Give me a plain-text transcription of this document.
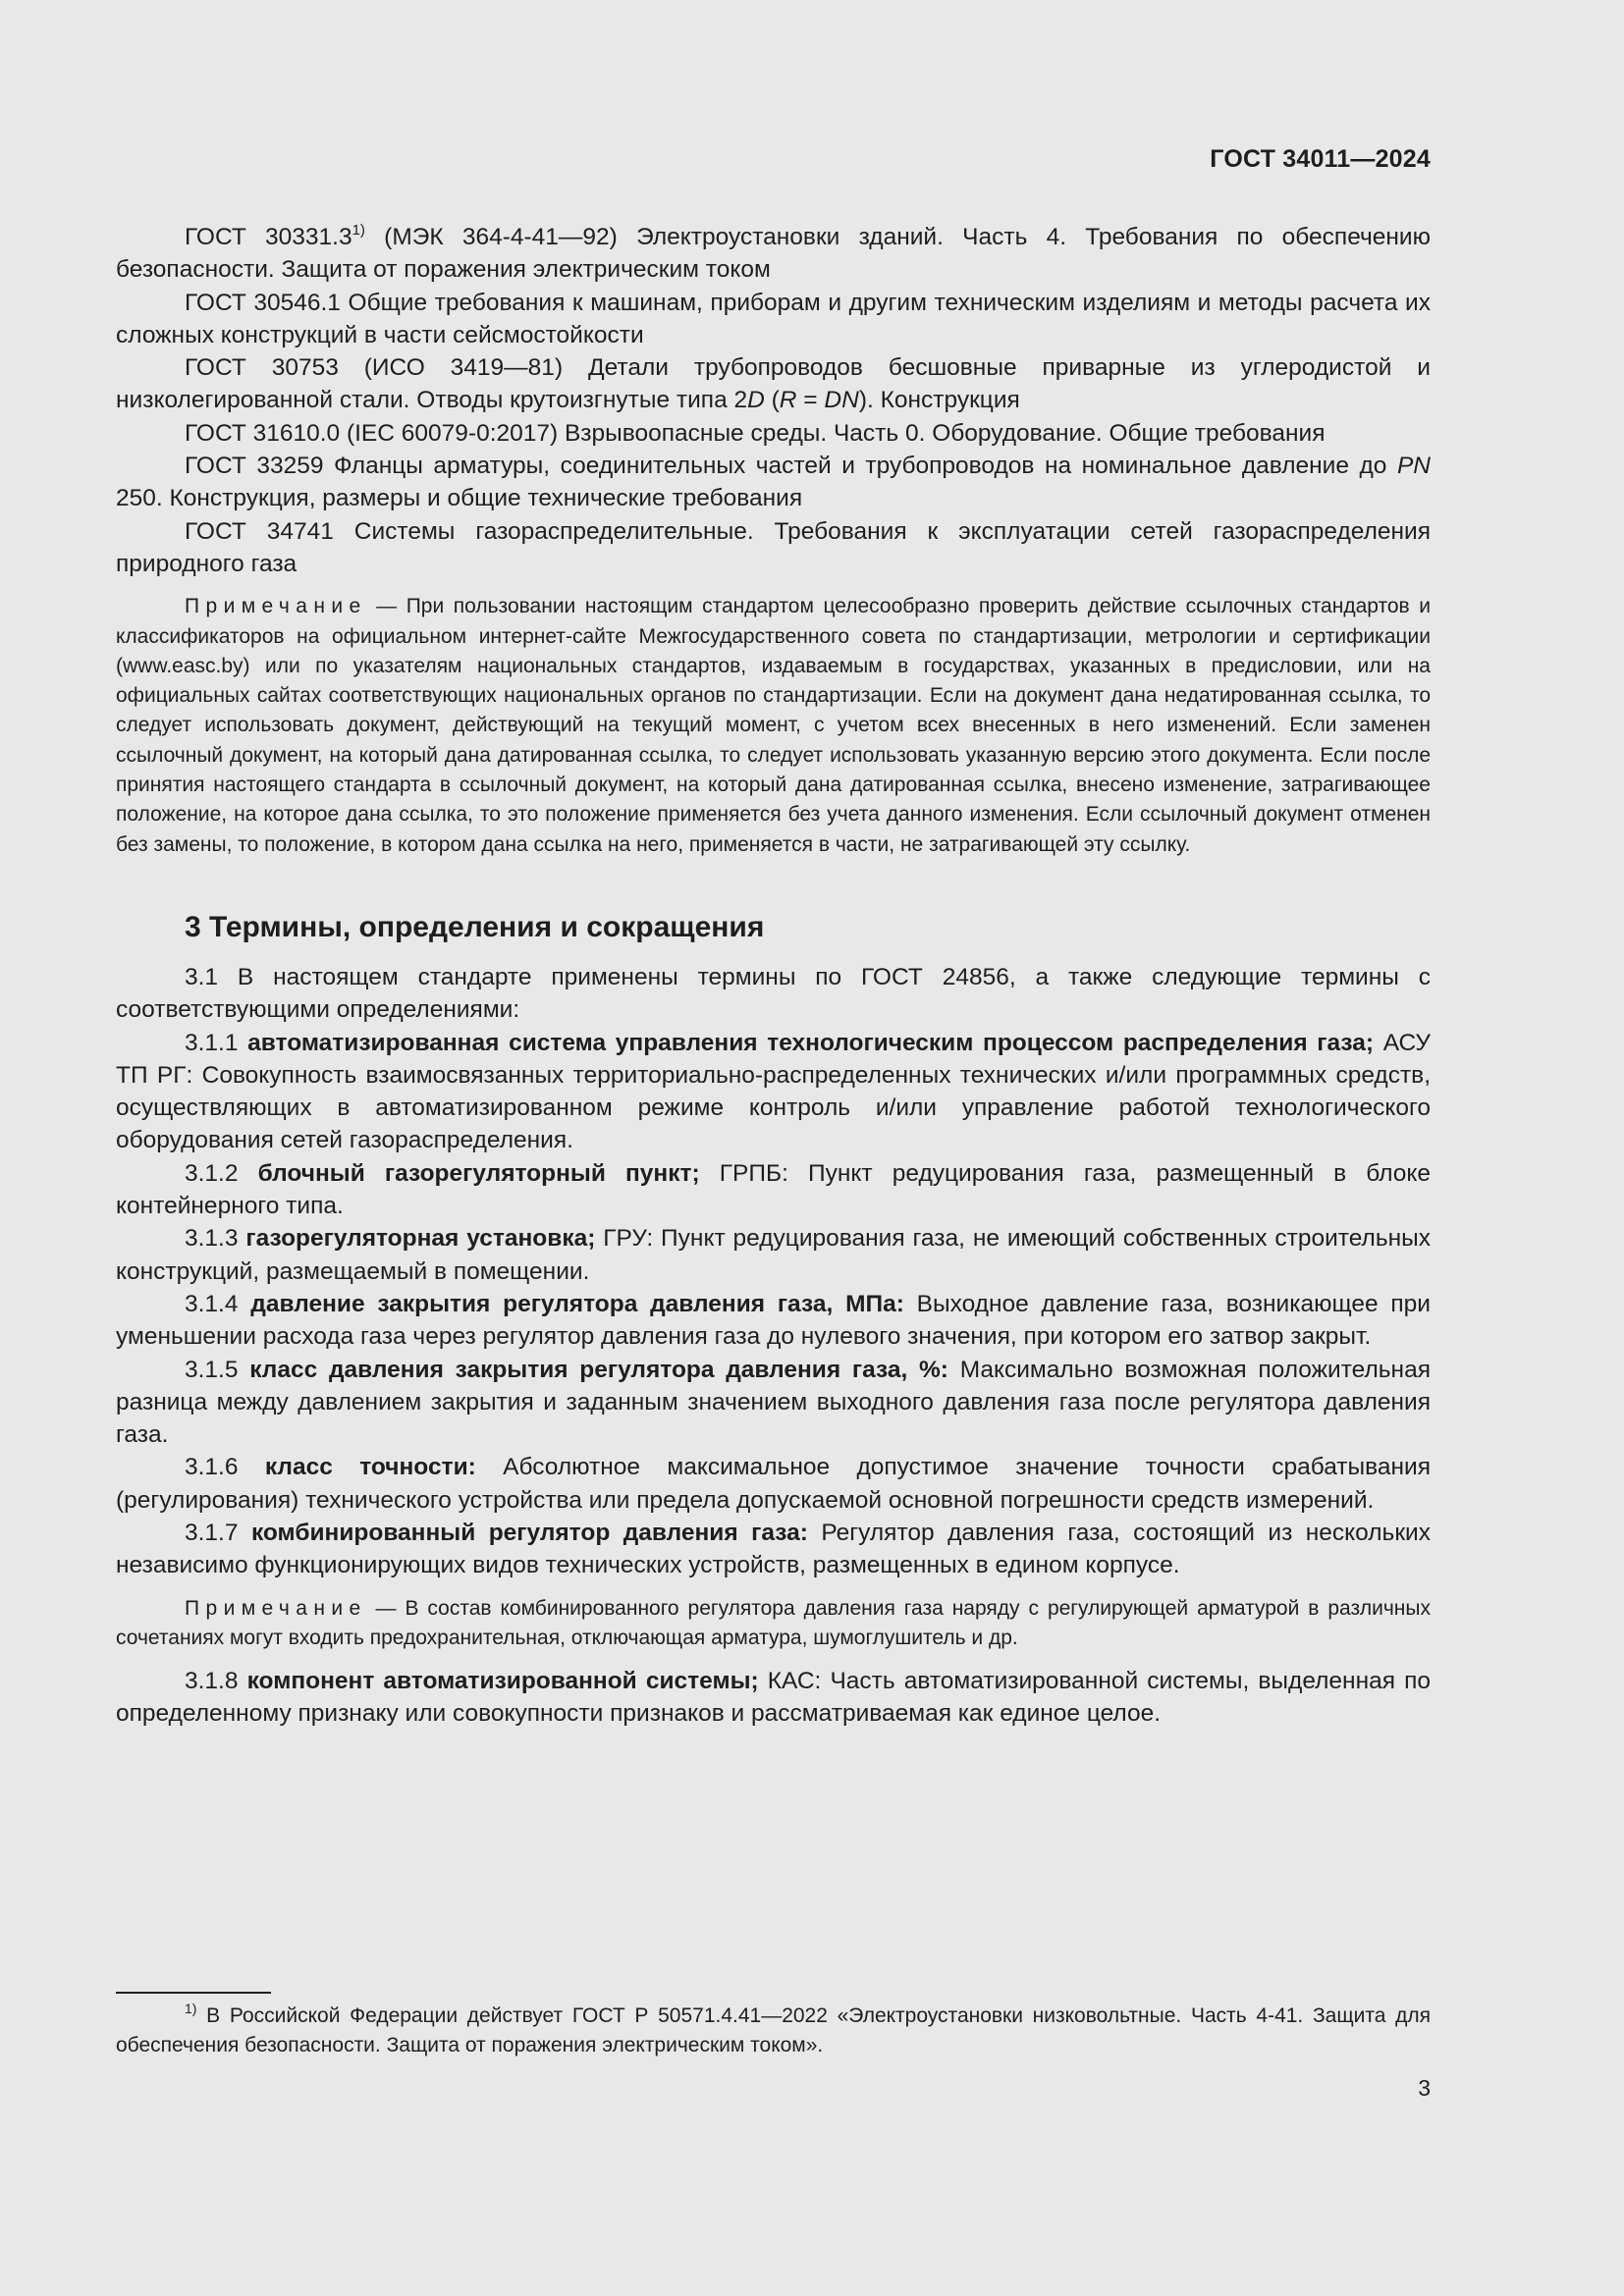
ГОСТ 34011—2024

ГОСТ 30331.3$^{1)}$ (МЭК 364-4-41—92) Электроустановки зданий. Часть 4. Требования по обеспечению безопасности. Защита от поражения электрическим током

ГОСТ 30546.1 Общие требования к машинам, приборам и другим техническим изделиям и методы расчета их сложных конструкций в части сейсмостойкости

ГОСТ 30753 (ИСО 3419—81) Детали трубопроводов бесшовные приварные из углеродистой и низколегированной стали. Отводы крутоизгнутые типа 2D (R = DN). Конструкция

ГОСТ 31610.0 (IEC 60079-0:2017) Взрывоопасные среды. Часть 0. Оборудование. Общие требования

ГОСТ 33259 Фланцы арматуры, соединительных частей и трубопроводов на номинальное давление до PN 250. Конструкция, размеры и общие технические требования

ГОСТ 34741 Системы газораспределительные. Требования к эксплуатации сетей газораспределения природного газа

Примечание — При пользовании настоящим стандартом целесообразно проверить действие ссылочных стандартов и классификаторов на официальном интернет-сайте Межгосударственного совета по стандартизации, метрологии и сертификации (www.easc.by) или по указателям национальных стандартов, издаваемым в государствах, указанных в предисловии, или на официальных сайтах соответствующих национальных органов по стандартизации. Если на документ дана недатированная ссылка, то следует использовать документ, действующий на текущий момент, с учетом всех внесенных в него изменений. Если заменен ссылочный документ, на который дана датированная ссылка, то следует использовать указанную версию этого документа. Если после принятия настоящего стандарта в ссылочный документ, на который дана датированная ссылка, внесено изменение, затрагивающее положение, на которое дана ссылка, то это положение применяется без учета данного изменения. Если ссылочный документ отменен без замены, то положение, в котором дана ссылка на него, применяется в части, не затрагивающей эту ссылку.
3 Термины, определения и сокращения

3.1 В настоящем стандарте применены термины по ГОСТ 24856, а также следующие термины с соответствующими определениями:

3.1.1 автоматизированная система управления технологическим процессом распределения газа; АСУ ТП РГ: Совокупность взаимосвязанных территориально-распределенных технических и/или программных средств, осуществляющих в автоматизированном режиме контроль и/или управление работой технологического оборудования сетей газораспределения.

3.1.2 блочный газорегуляторный пункт; ГРПБ: Пункт редуцирования газа, размещенный в блоке контейнерного типа.

3.1.3 газорегуляторная установка; ГРУ: Пункт редуцирования газа, не имеющий собственных строительных конструкций, размещаемый в помещении.

3.1.4 давление закрытия регулятора давления газа, МПа: Выходное давление газа, возникающее при уменьшении расхода газа через регулятор давления газа до нулевого значения, при котором его затвор закрыт.

3.1.5 класс давления закрытия регулятора давления газа, %: Максимально возможная положительная разница между давлением закрытия и заданным значением выходного давления газа после регулятора давления газа.

3.1.6 класс точности: Абсолютное максимальное допустимое значение точности срабатывания (регулирования) технического устройства или предела допускаемой основной погрешности средств измерений.

3.1.7 комбинированный регулятор давления газа: Регулятор давления газа, состоящий из нескольких независимо функционирующих видов технических устройств, размещенных в едином корпусе.

Примечание — В состав комбинированного регулятора давления газа наряду с регулирующей арматурой в различных сочетаниях могут входить предохранительная, отключающая арматура, шумоглушитель и др.

3.1.8 компонент автоматизированной системы; КАС: Часть автоматизированной системы, выделенная по определенному признаку или совокупности признаков и рассматриваемая как единое целое.

$^{1)}$ В Российской Федерации действует ГОСТ Р 50571.4.41—2022 «Электроустановки низковольтные. Часть 4-41. Защита для обеспечения безопасности. Защита от поражения электрическим током».

3
